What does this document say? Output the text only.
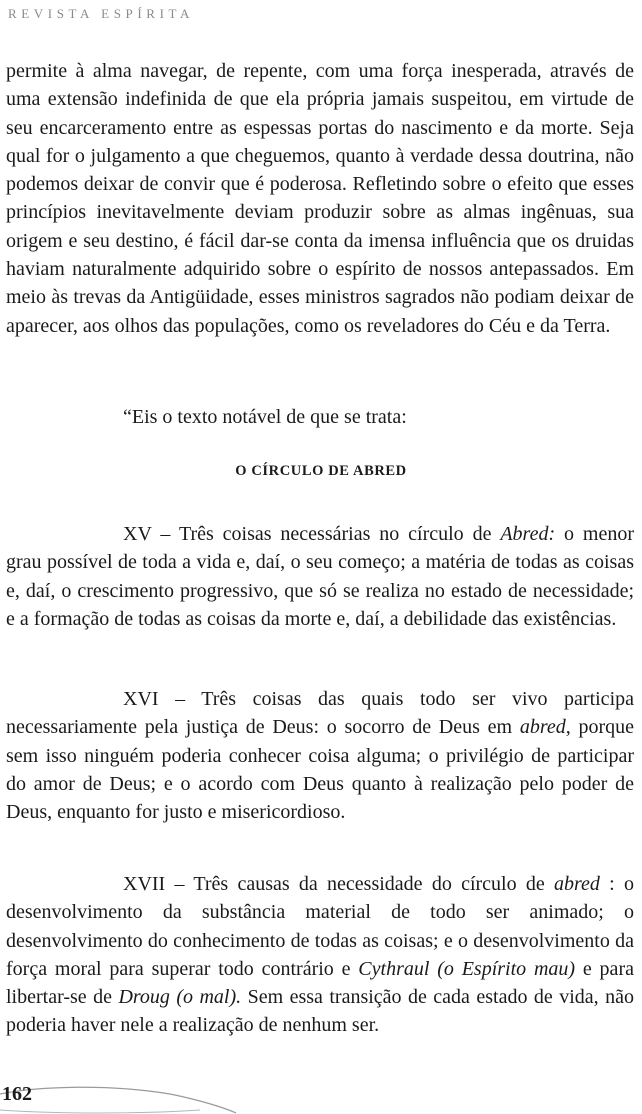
REVISTA ESPÍRITA

permite à alma navegar, de repente, com uma força inesperada, através de uma extensão indefinida de que ela própria jamais suspeitou, em virtude de seu encarceramento entre as espessas portas do nascimento e da morte. Seja qual for o julgamento a que cheguemos, quanto à verdade dessa doutrina, não podemos deixar de convir que é poderosa. Refletindo sobre o efeito que esses princípios inevitavelmente deviam produzir sobre as almas ingênuas, sua origem e seu destino, é fácil dar-se conta da imensa influência que os druidas haviam naturalmente adquirido sobre o espírito de nossos antepassados. Em meio às trevas da Antigüidade, esses ministros sagrados não podiam deixar de aparecer, aos olhos das populações, como os reveladores do Céu e da Terra.

“Eis o texto notável de que se trata:
O CÍRCULO DE ABRED

XV – Três coisas necessárias no círculo de Abred: o menor grau possível de toda a vida e, daí, o seu começo; a matéria de todas as coisas e, daí, o crescimento progressivo, que só se realiza no estado de necessidade; e a formação de todas as coisas da morte e, daí, a debilidade das existências.

XVI – Três coisas das quais todo ser vivo participa necessariamente pela justiça de Deus: o socorro de Deus em abred, porque sem isso ninguém poderia conhecer coisa alguma; o privilégio de participar do amor de Deus; e o acordo com Deus quanto à realização pelo poder de Deus, enquanto for justo e misericordioso.

XVII – Três causas da necessidade do círculo de abred : o desenvolvimento da substância material de todo ser animado; o desenvolvimento do conhecimento de todas as coisas; e o desenvolvimento da força moral para superar todo contrário e Cythraul (o Espírito mau) e para libertar-se de Droug (o mal). Sem essa transição de cada estado de vida, não poderia haver nele a realização de nenhum ser.

162
